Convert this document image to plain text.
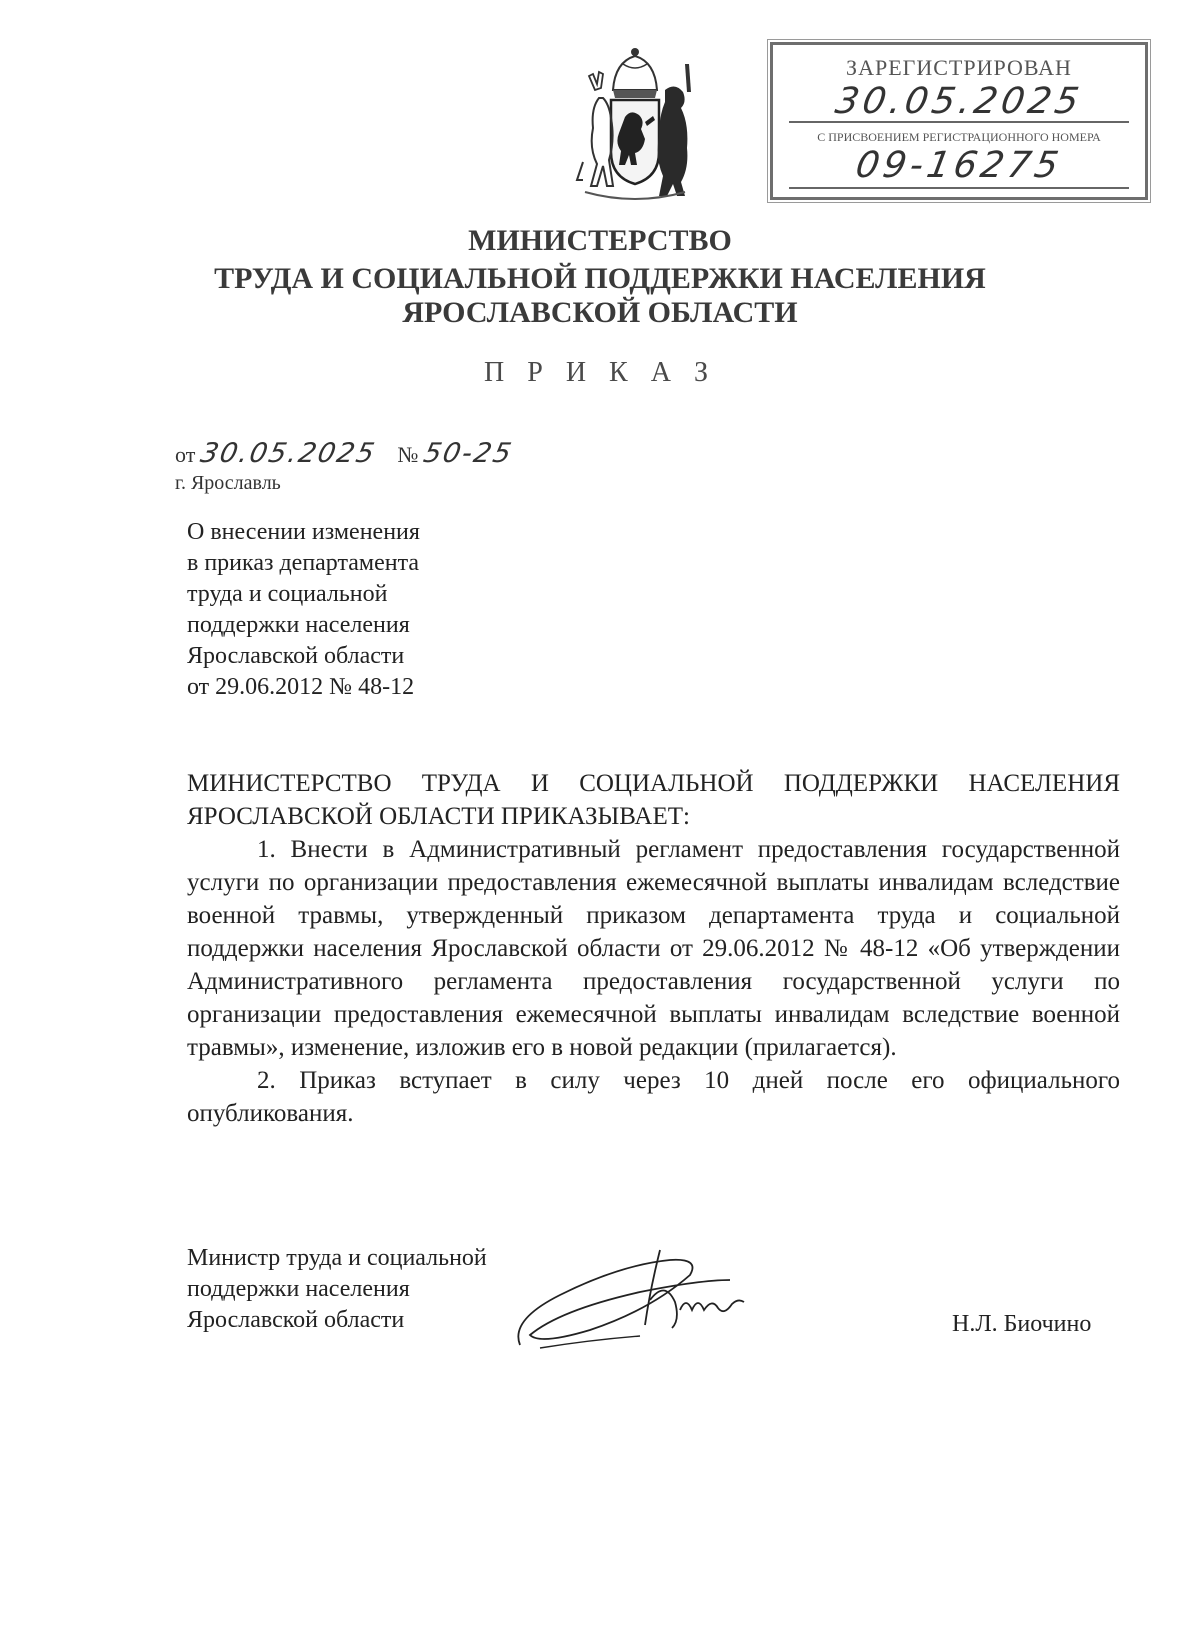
ЗАРЕГИСТРИРОВАН
30.05.2025
С ПРИСВОЕНИЕМ РЕГИСТРАЦИОННОГО НОМЕРА
09-16275
МИНИСТЕРСТВО
ТРУДА И СОЦИАЛЬНОЙ ПОДДЕРЖКИ НАСЕЛЕНИЯ
ЯРОСЛАВСКОЙ ОБЛАСТИ
П Р И К А З
от 30.05.2025 № 50-25
г. Ярославль
О внесении изменения
в приказ департамента
труда и социальной
поддержки населения
Ярославской области
от 29.06.2012 № 48-12

МИНИСТЕРСТВО ТРУДА И СОЦИАЛЬНОЙ ПОДДЕРЖКИ НАСЕЛЕНИЯ ЯРОСЛАВСКОЙ ОБЛАСТИ ПРИКАЗЫВАЕТ:

1. Внести в Административный регламент предоставления государственной услуги по организации предоставления ежемесячной выплаты инвалидам вследствие военной травмы, утвержденный приказом департамента труда и социальной поддержки населения Ярославской области от 29.06.2012 № 48-12 «Об утверждении Административного регламента предоставления государственной услуги по организации предоставления ежемесячной выплаты инвалидам вследствие военной травмы», изменение, изложив его в новой редакции (прилагается).

2. Приказ вступает в силу через 10 дней после его официального опубликования.

Министр труда и социальной
поддержки населения
Ярославской области	Н.Л. Биочино
